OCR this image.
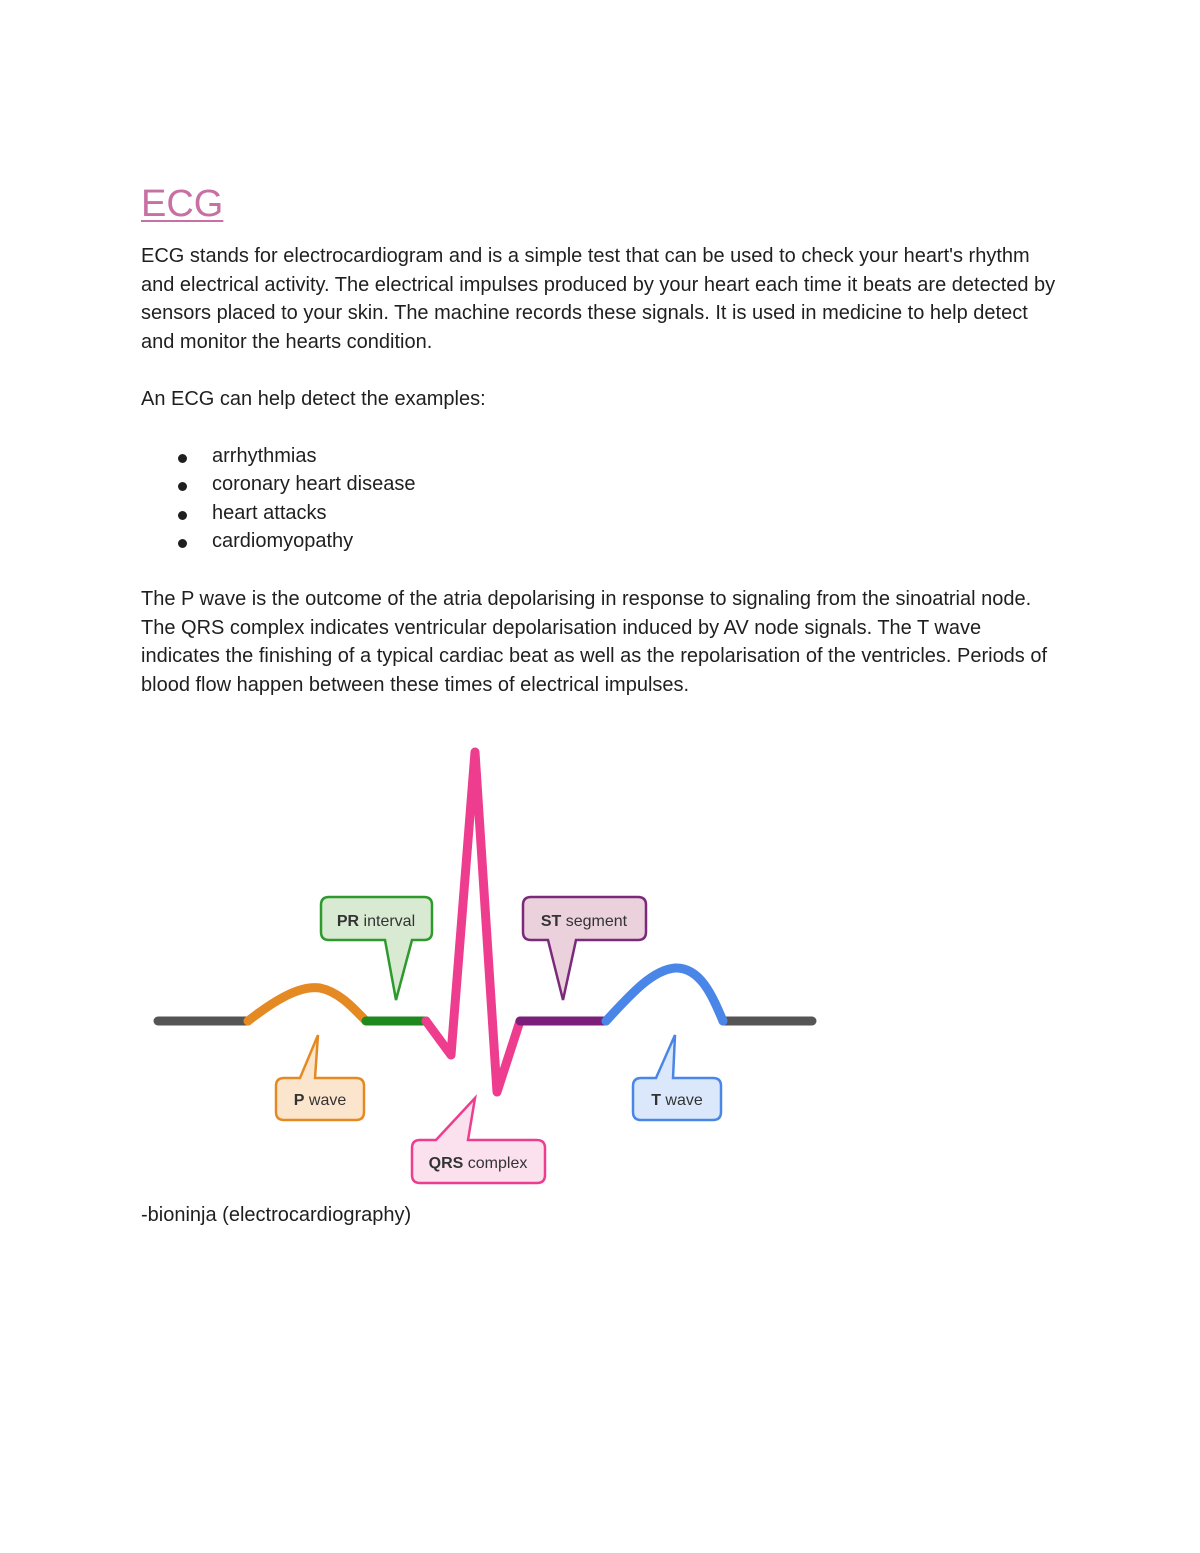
ECG

ECG stands for electrocardiogram and is a simple test that can be used to check your heart's rhythm and electrical activity. The electrical impulses produced by your heart each time it beats are detected by sensors placed to your skin. The machine records these signals. It is used in medicine to help detect and monitor the hearts condition.

An ECG can help detect the examples:

arrhythmias
coronary heart disease
heart attacks
cardiomyopathy

The P wave is the outcome of the atria depolarising in response to signaling from the sinoatrial node. The QRS complex indicates ventricular depolarisation induced by AV node signals. The T wave indicates the finishing of a typical cardiac beat as well as the repolarisation of the ventricles. Periods of blood flow happen between these times of electrical impulses.

-bioninja (electrocardiography)

PR interval	ST segment
P wave	T wave
QRS complex
